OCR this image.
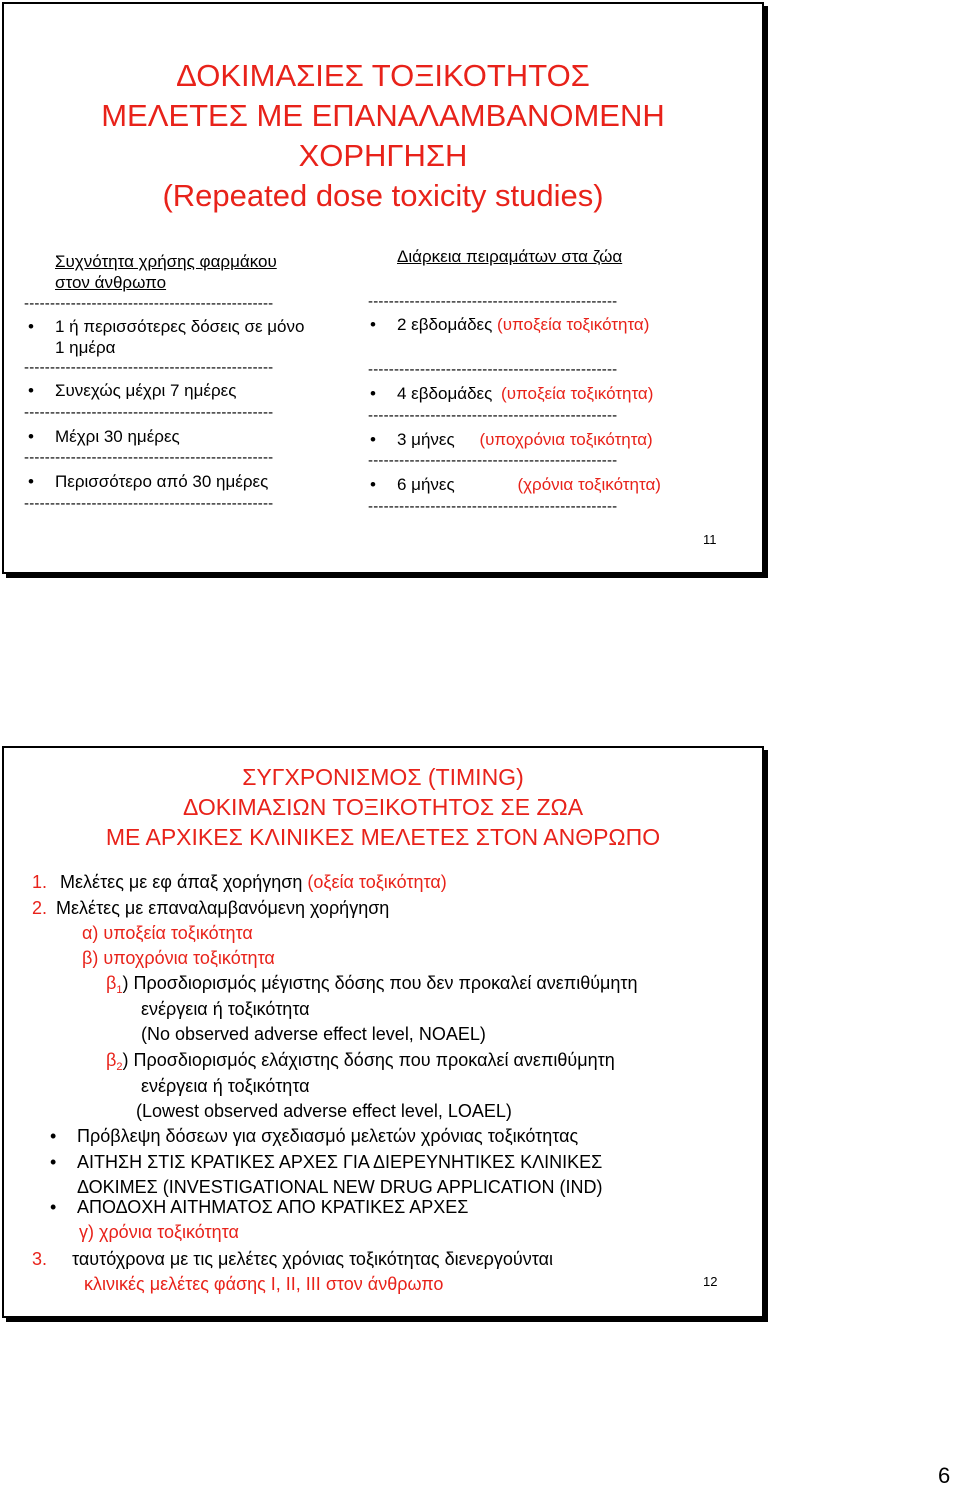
ΔΟΚΙΜΑΣΙΕΣ ΤΟΞΙΚΟΤΗΤΟΣ
ΜΕΛΕΤΕΣ ΜΕ ΕΠΑΝΑΛΑΜΒΑΝΟΜΕΝΗ
ΧΟΡΗΓΗΣΗ
(Repeated dose toxicity studies)
Συχνότητα χρήσης φαρμάκου
στον άνθρωπο
------------------------------------------------
• 1 ή περισσότερες δόσεις σε μόνο
1 ημέρα
------------------------------------------------
• Συνεχώς μέχρι 7 ημέρες
------------------------------------------------
• Μέχρι 30 ημέρες
------------------------------------------------
• Περισσότερο από 30 ημέρες
------------------------------------------------
Διάρκεια πειραμάτων στα ζώα
------------------------------------------------
• 2 εβδομάδες (υποξεία τοξικότητα)
------------------------------------------------
• 4 εβδομάδες (υποξεία τοξικότητα)
------------------------------------------------
• 3 μήνες (υποχρόνια τοξικότητα)
------------------------------------------------
• 6 μήνες	(χρόνια τοξικότητα)
------------------------------------------------
11
ΣΥΓΧΡΟΝΙΣΜΟΣ (TIMING)
ΔΟΚΙΜΑΣΙΩΝ ΤΟΞΙΚΟΤΗΤΟΣ ΣΕ ΖΩΑ
ΜΕ ΑΡΧΙΚΕΣ ΚΛΙΝΙΚΕΣ ΜΕΛΕΤΕΣ ΣΤΟΝ ΑΝΘΡΩΠΟ
1. Μελέτες με εφ άπαξ χορήγηση (οξεία τοξικότητα)
2. Μελέτες με επαναλαμβανόμενη χορήγηση
α) υποξεία τοξικότητα
β) υποχρόνια τοξικότητα
$\beta_1$) Προσδιορισμός μέγιστης δόσης που δεν προκαλεί ανεπιθύμητη
ενέργεια ή τοξικότητα
(No observed adverse effect level, NOAEL)
$\beta_2$) Προσδιορισμός ελάχιστης δόσης που προκαλεί ανεπιθύμητη
ενέργεια ή τοξικότητα
(Lowest observed adverse effect level, LOAEL)
• Πρόβλεψη δόσεων για σχεδιασμό μελετών χρόνιας τοξικότητας
• ΑΙΤΗΣΗ ΣΤΙΣ ΚΡΑΤΙΚΕΣ ΑΡΧΕΣ ΓΙΑ ΔΙΕΡΕΥΝΗΤΙΚΕΣ ΚΛΙΝΙΚΕΣ
ΔΟΚΙΜΕΣ (INVESTIGATIONAL NEW DRUG APPLICATION (IND)
• ΑΠΟΔΟΧΗ ΑΙΤΗΜΑΤΟΣ ΑΠΟ ΚΡΑΤΙΚΕΣ ΑΡΧΕΣ
γ) χρόνια τοξικότητα
3. ταυτόχρονα με τις μελέτες χρόνιας τοξικότητας διενεργούνται
κλινικές μελέτες φάσης Ι, ΙΙ, ΙΙΙ στον άνθρωπο	12
6
